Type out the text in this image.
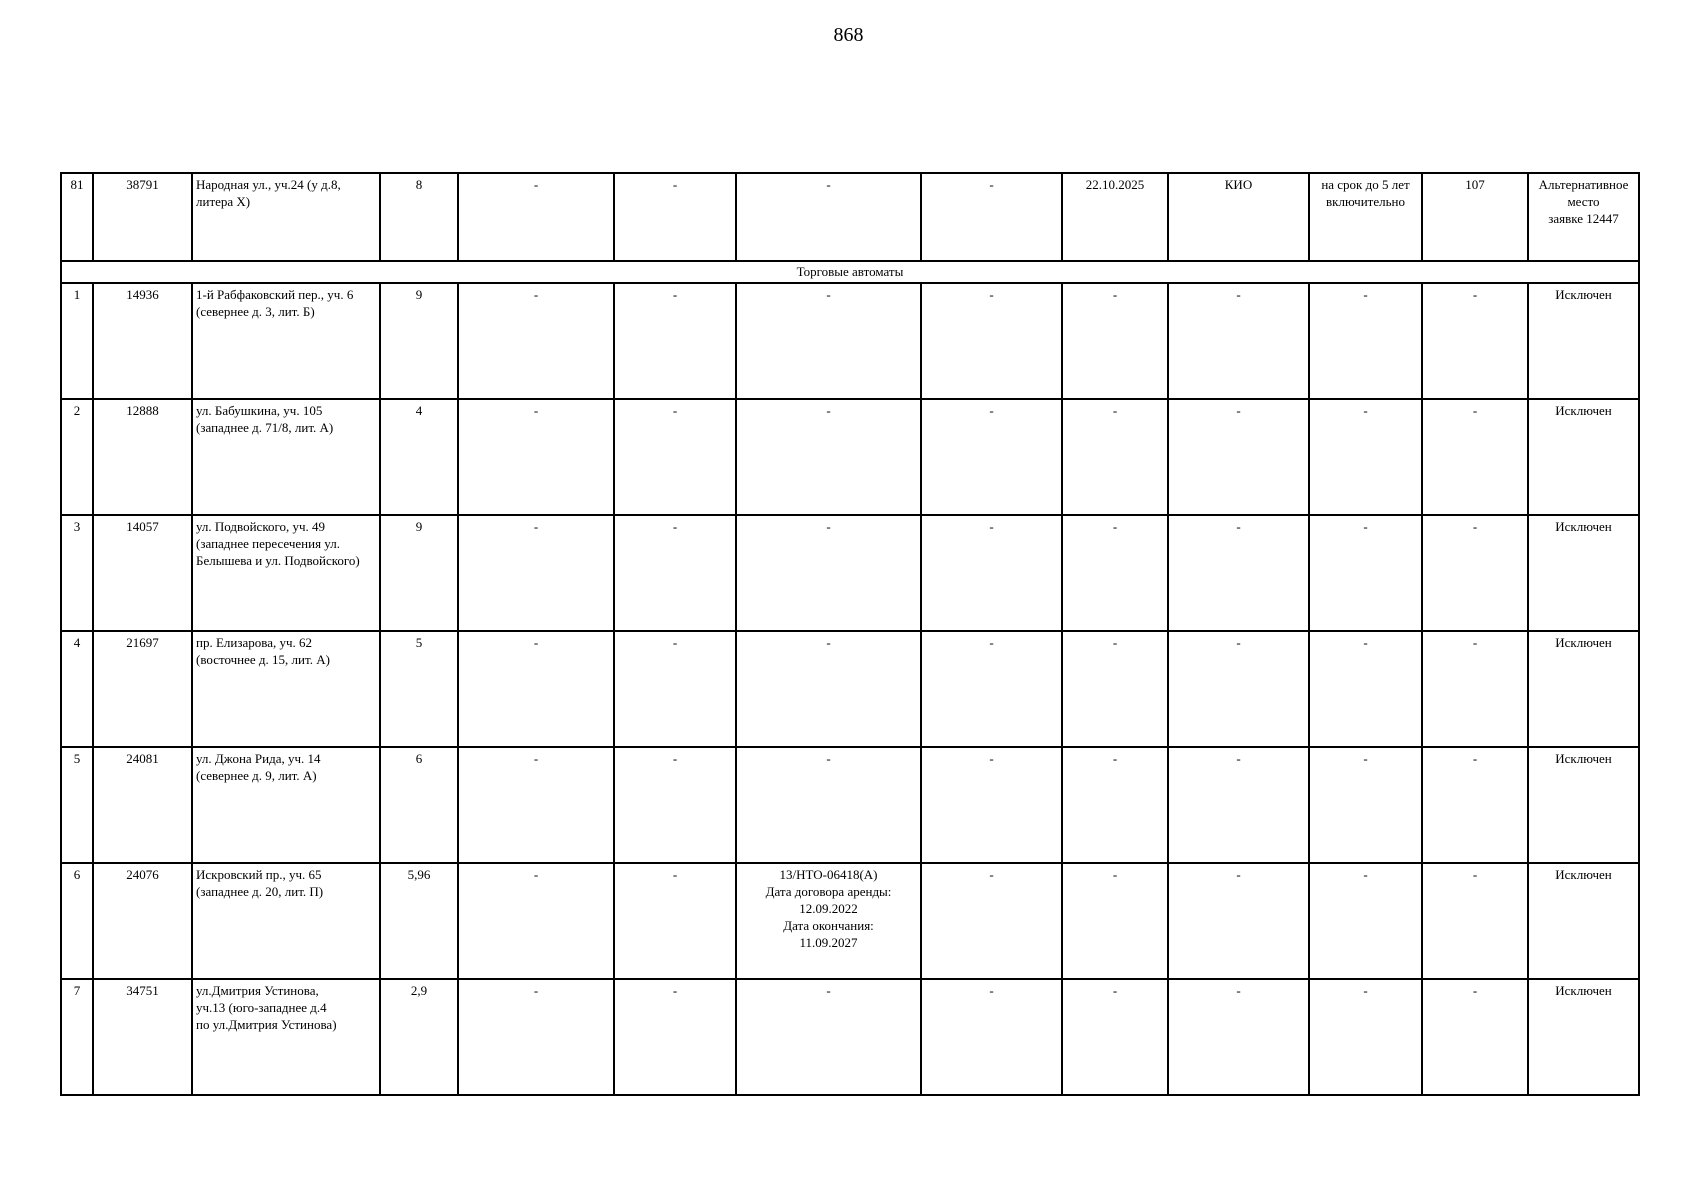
868
81	38791	Народная ул., уч.24 (у д.8,
литера Х)	8	-	-	-	-	22.10.2025	КИО	на срок до 5 лет
включительно	107	Альтернативное
место
заявке 12447
Торговые автоматы												
1	14936	1-й Рабфаковский пер., уч. 6
(севернее д. 3, лит. Б)	9	-	-	-	-	-	-	-	-	Исключен
2	12888	ул. Бабушкина, уч. 105
(западнее д. 71/8, лит. А)	4	-	-	-	-	-	-	-	-	Исключен
3	14057	ул. Подвойского, уч. 49
(западнее пересечения ул.
Белышева и ул. Подвойского)	9	-	-	-	-	-	-	-	-	Исключен
4	21697	пр. Елизарова, уч. 62
(восточнее д. 15, лит. А)	5	-	-	-	-	-	-	-	-	Исключен
5	24081	ул. Джона Рида, уч. 14
(севернее д. 9, лит. А)	6	-	-	-	-	-	-	-	-	Исключен
6	24076	Искровский пр., уч. 65
(западнее д. 20, лит. П)	5,96	-	-	13/НТО-06418(А)
Дата договора аренды:
12.09.2022
Дата окончания:
11.09.2027	-	-	-	-	-	Исключен
7	34751	ул.Дмитрия Устинова,
уч.13 (юго-западнее д.4
по ул.Дмитрия Устинова)	2,9	-	-	-	-	-	-	-	-	Исключен
